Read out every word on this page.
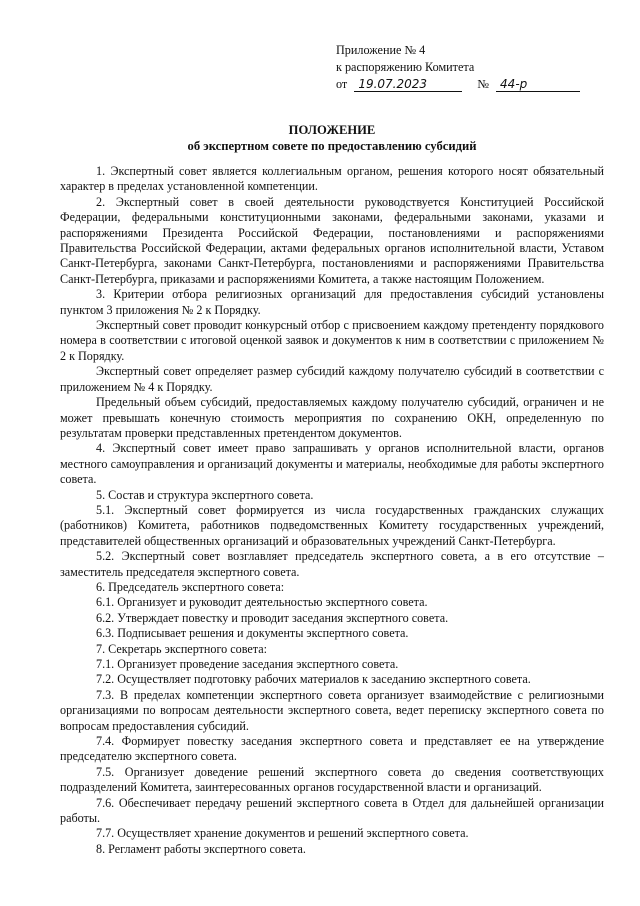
Приложение № 4
к распоряжению Комитета
от 19.07.2023	№ 44-р
ПОЛОЖЕНИЕ
об экспертном совете по предоставлению субсидий

1. Экспертный совет является коллегиальным органом, решения которого носят обязательный характер в пределах установленной компетенции.

2. Экспертный совет в своей деятельности руководствуется Конституцией Российской Федерации, федеральными конституционными законами, федеральными законами, указами и распоряжениями Президента Российской Федерации, постановлениями и распоряжениями Правительства Российской Федерации, актами федеральных органов исполнительной власти, Уставом Санкт-Петербурга, законами Санкт-Петербурга, постановлениями и распоряжениями Правительства Санкт-Петербурга, приказами и распоряжениями Комитета, а также настоящим Положением.

3. Критерии отбора религиозных организаций для предоставления субсидий установлены пунктом 3 приложения № 2 к Порядку.

Экспертный совет проводит конкурсный отбор с присвоением каждому претенденту порядкового номера в соответствии с итоговой оценкой заявок и документов к ним в соответствии с приложением № 2 к Порядку.

Экспертный совет определяет размер субсидий каждому получателю субсидий в соответствии с приложением № 4 к Порядку.

Предельный объем субсидий, предоставляемых каждому получателю субсидий, ограничен и не может превышать конечную стоимость мероприятия по сохранению ОКН, определенную по результатам проверки представленных претендентом документов.

4. Экспертный совет имеет право запрашивать у органов исполнительной власти, органов местного самоуправления и организаций документы и материалы, необходимые для работы экспертного совета.

5. Состав и структура экспертного совета.

5.1. Экспертный совет формируется из числа государственных гражданских служащих (работников) Комитета, работников подведомственных Комитету государственных учреждений, представителей общественных организаций и образовательных учреждений Санкт-Петербурга.

5.2. Экспертный совет возглавляет председатель экспертного совета, а в его отсутствие – заместитель председателя экспертного совета.

6. Председатель экспертного совета:

6.1. Организует и руководит деятельностью экспертного совета.

6.2. Утверждает повестку и проводит заседания экспертного совета.

6.3. Подписывает решения и документы экспертного совета.

7. Секретарь экспертного совета:

7.1. Организует проведение заседания экспертного совета.

7.2. Осуществляет подготовку рабочих материалов к заседанию экспертного совета.

7.3. В пределах компетенции экспертного совета организует взаимодействие с религиозными организациями по вопросам деятельности экспертного совета, ведет переписку экспертного совета по вопросам предоставления субсидий.

7.4. Формирует повестку заседания экспертного совета и представляет ее на утверждение председателю экспертного совета.

7.5. Организует доведение решений экспертного совета до сведения соответствующих подразделений Комитета, заинтересованных органов государственной власти и организаций.

7.6. Обеспечивает передачу решений экспертного совета в Отдел для дальнейшей организации работы.

7.7. Осуществляет хранение документов и решений экспертного совета.

8. Регламент работы экспертного совета.
